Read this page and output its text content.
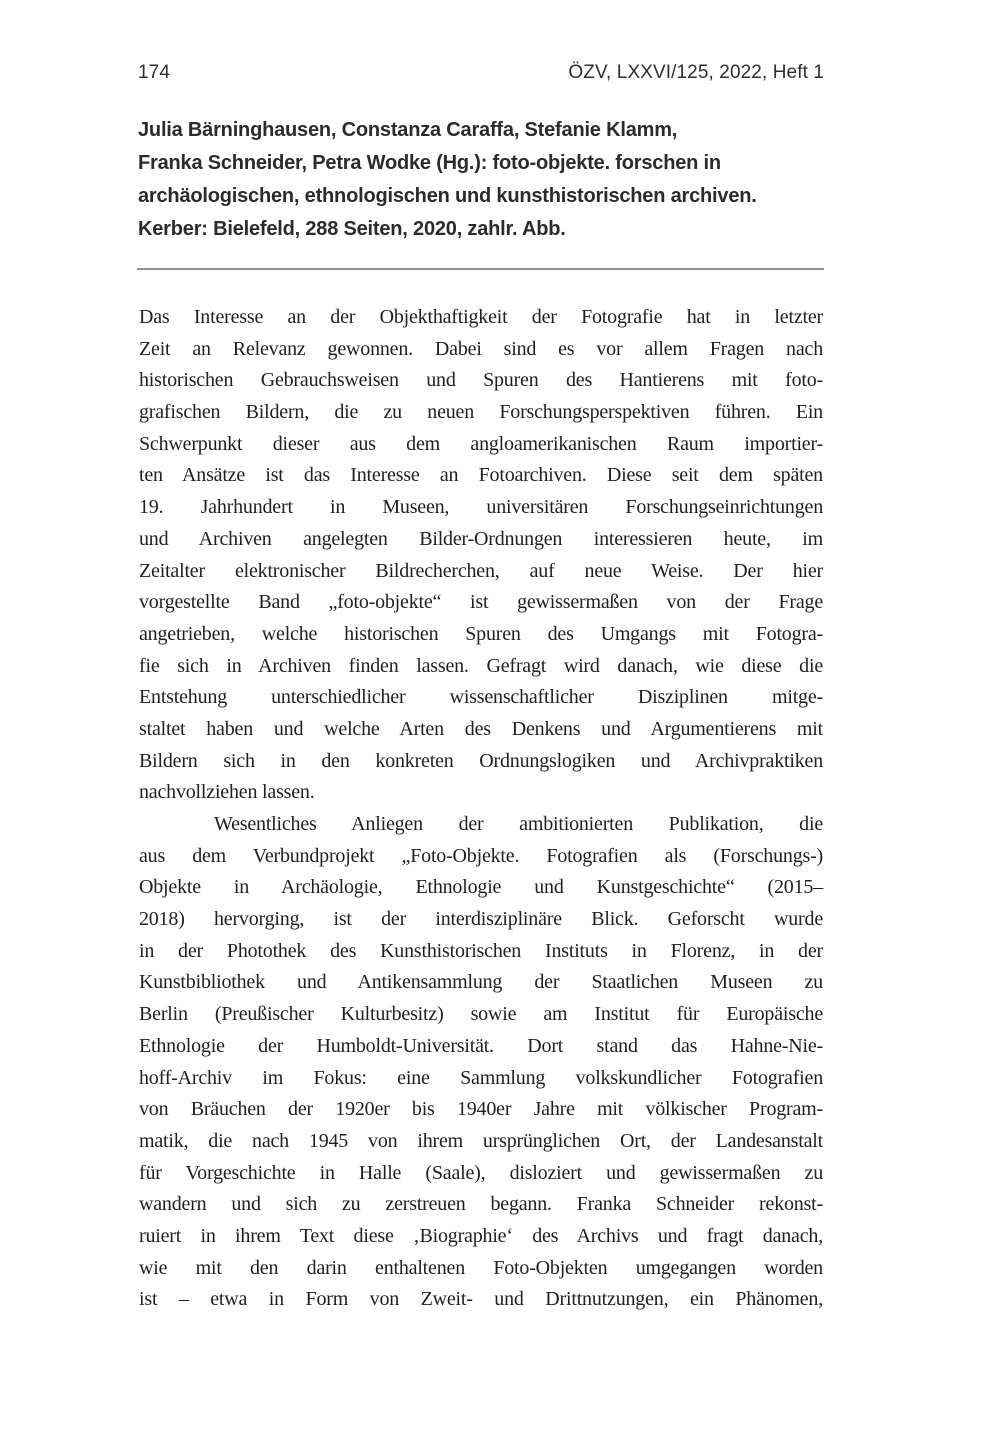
174	ÖZV, LXXVI/125, 2022, Heft 1
Julia Bärninghausen, Constanza Caraffa, Stefanie Klamm,
Franka Schneider, Petra Wodke (Hg.): foto-objekte. forschen in
archäologischen, ethnologischen und kunsthistorischen archiven.
Kerber: Bielefeld, 288 Seiten, 2020, zahlr. Abb.
Das Interesse an der Objekthaftigkeit der Fotografie hat in letzter
Zeit an Relevanz gewonnen. Dabei sind es vor allem Fragen nach
historischen Gebrauchsweisen und Spuren des Hantierens mit foto-
grafischen Bildern, die zu neuen Forschungsperspektiven führen. Ein
Schwerpunkt dieser aus dem angloamerikanischen Raum importier-
ten Ansätze ist das Interesse an Fotoarchiven. Diese seit dem späten
19. Jahrhundert in Museen, universitären Forschungseinrichtungen
und Archiven angelegten Bilder-Ordnungen interessieren heute, im
Zeitalter elektronischer Bildrecherchen, auf neue Weise. Der hier
vorgestellte Band „foto-objekte“ ist gewissermaßen von der Frage
angetrieben, welche historischen Spuren des Umgangs mit Fotogra-
fie sich in Archiven finden lassen. Gefragt wird danach, wie diese die
Entstehung unterschiedlicher wissenschaftlicher Disziplinen mitge-
staltet haben und welche Arten des Denkens und Argumentierens mit
Bildern sich in den konkreten Ordnungslogiken und Archivpraktiken
nachvollziehen lassen.
Wesentliches Anliegen der ambitionierten Publikation, die
aus dem Verbundprojekt „Foto-Objekte. Fotografien als (Forschungs-)
Objekte in Archäologie, Ethnologie und Kunstgeschichte“ (2015–
2018) hervorging, ist der interdisziplinäre Blick. Geforscht wurde
in der Photothek des Kunsthistorischen Instituts in Florenz, in der
Kunstbibliothek und Antikensammlung der Staatlichen Museen zu
Berlin (Preußischer Kulturbesitz) sowie am Institut für Europäische
Ethnologie der Humboldt-Universität. Dort stand das Hahne-Nie-
hoff-Archiv im Fokus: eine Sammlung volkskundlicher Fotografien
von Bräuchen der 1920er bis 1940er Jahre mit völkischer Program-
matik, die nach 1945 von ihrem ursprünglichen Ort, der Landesanstalt
für Vorgeschichte in Halle (Saale), disloziert und gewissermaßen zu
wandern und sich zu zerstreuen begann. Franka Schneider rekonst-
ruiert in ihrem Text diese ‚Biographie‘ des Archivs und fragt danach,
wie mit den darin enthaltenen Foto-Objekten umgegangen worden
ist – etwa in Form von Zweit- und Drittnutzungen, ein Phänomen,
